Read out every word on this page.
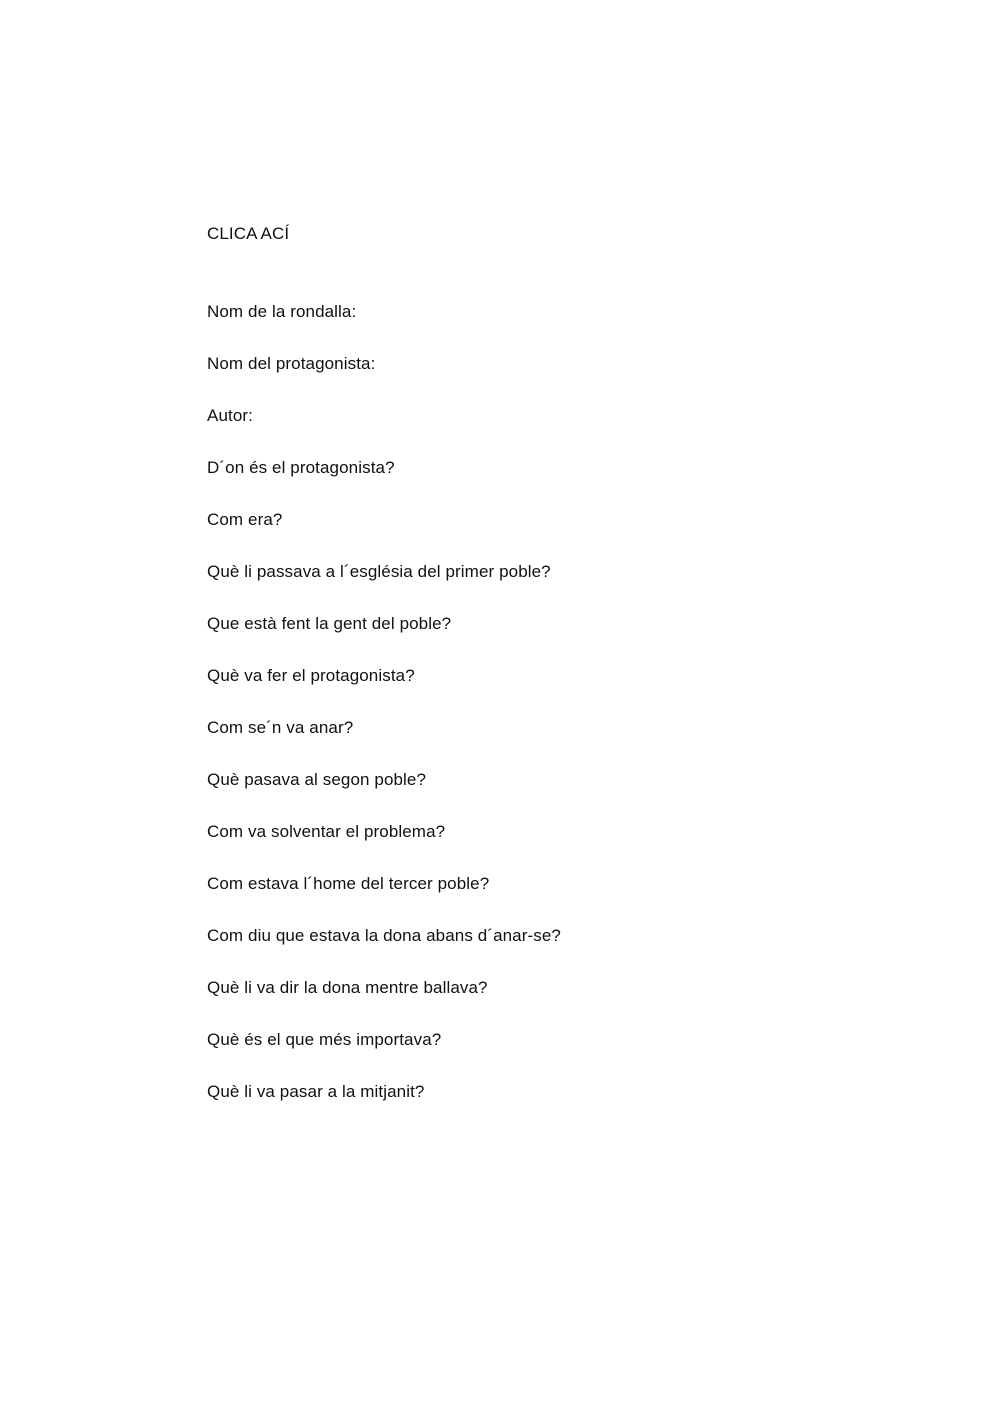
CLICA ACÍ
Nom de la rondalla:
Nom del protagonista:
Autor:
D´on és el protagonista?
Com era?
Què li passava a l´església del primer poble?
Que està fent la gent del poble?
Què va fer el protagonista?
Com se´n va anar?
Què pasava al segon poble?
Com va solventar el problema?
Com estava l´home del tercer poble?
Com diu que estava la dona abans d´anar-se?
Què li va dir la dona mentre ballava?
Què és el que més importava?
Què li va pasar a la mitjanit?
